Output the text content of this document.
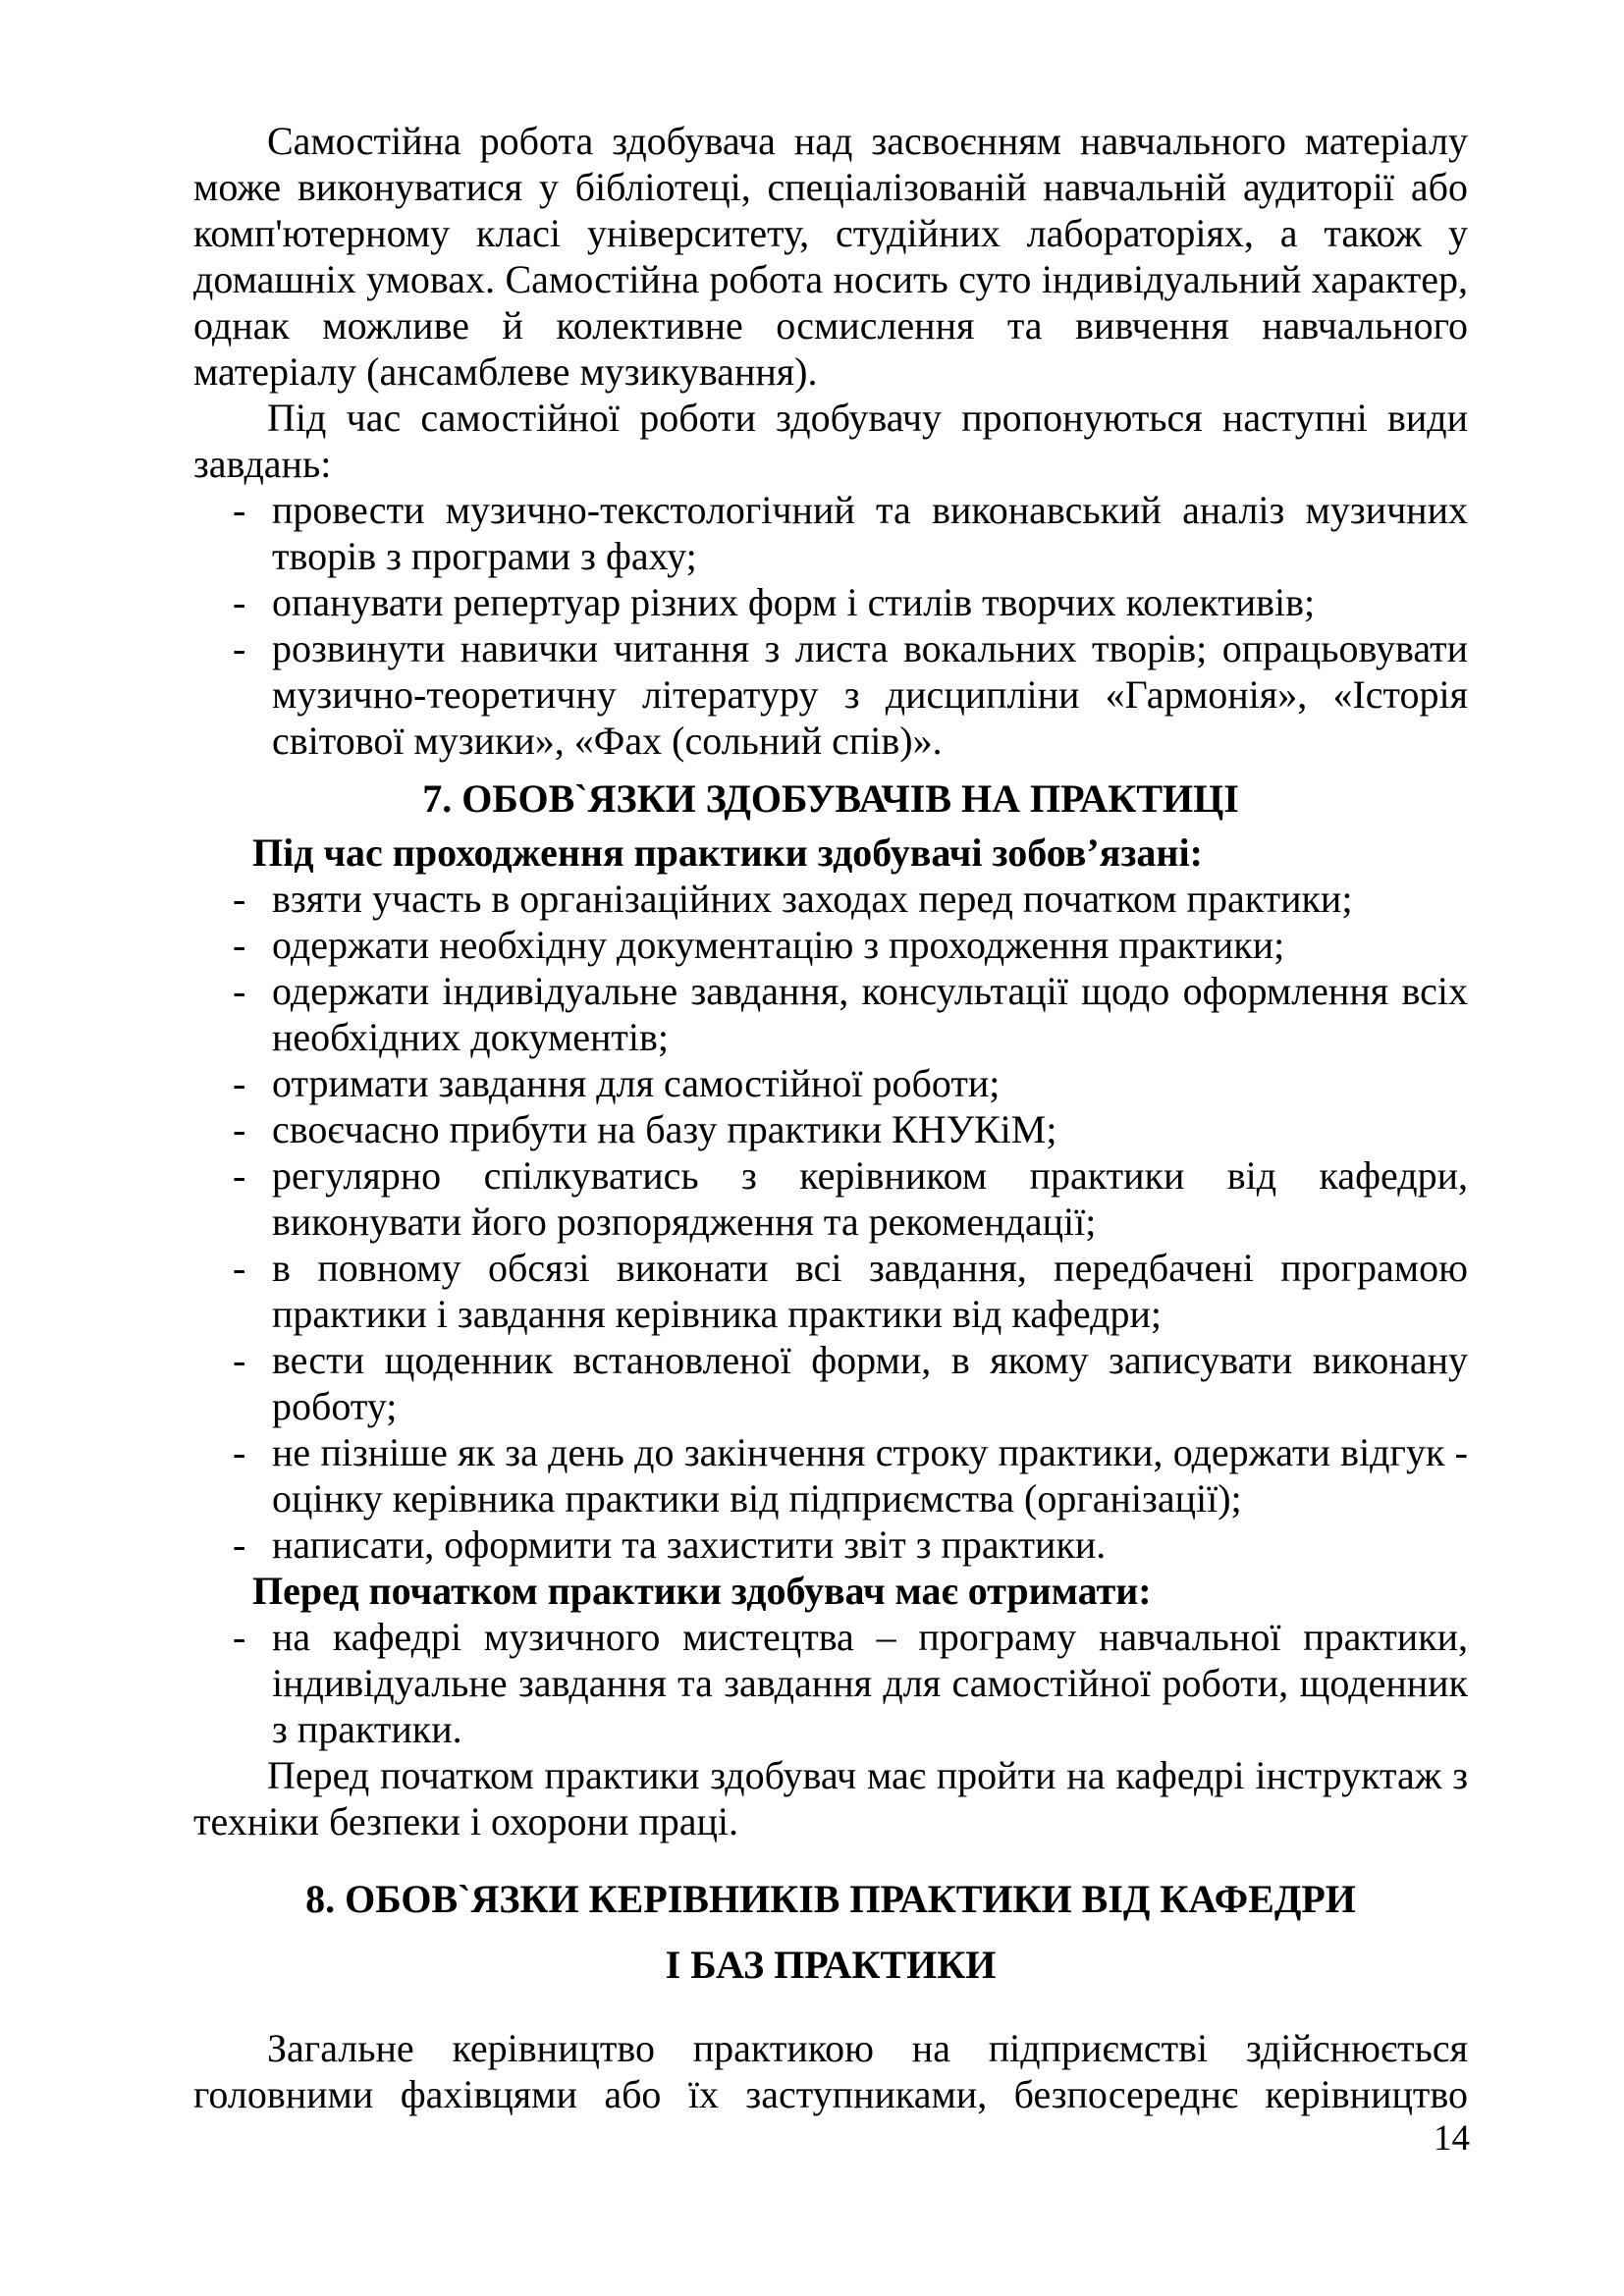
Самостійна робота здобувача над засвоєнням навчального матеріалу може виконуватися у бібліотеці, спеціалізованій навчальній аудиторії або комп'ютерному класі університету, студійних лабораторіях, а також у домашніх умовах. Самостійна робота носить суто індивідуальний характер, однак можливе й колективне осмислення та вивчення навчального матеріалу (ансамблеве музикування).

Під час самостійної роботи здобувачу пропонуються наступні види завдань:

- провести музично-текстологічний та виконавський аналіз музичних творів з програми з фаху;
- опанувати репертуар різних форм і стилів творчих колективів;
- розвинути навички читання з листа вокальних творів; опрацьовувати музично-теоретичну літературу з дисципліни «Гармонія», «Історія світової музики», «Фах (сольний спів)».
7. ОБОВ`ЯЗКИ ЗДОБУВАЧІВ НА ПРАКТИЦІ

Під час проходження практики здобувачі зобов’язані:

- взяти участь в організаційних заходах перед початком практики;
- одержати необхідну документацію з проходження практики;
- одержати індивідуальне завдання, консультації щодо оформлення всіх необхідних документів;
- отримати завдання для самостійної роботи;
- своєчасно прибути на базу практики КНУКіМ;
- регулярно спілкуватись з керівником практики від кафедри, виконувати його розпорядження та рекомендації;
- в повному обсязі виконати всі завдання, передбачені програмою практики і завдання керівника практики від кафедри;
- вести щоденник встановленої форми, в якому записувати виконану роботу;
- не пізніше як за день до закінчення строку практики, одержати відгук - оцінку керівника практики від підприємства (організації);
- написати, оформити та захистити звіт з практики.

Перед початком практики здобувач має отримати:

- на кафедрі музичного мистецтва – програму навчальної практики, індивідуальне завдання та завдання для самостійної роботи, щоденник з практики.

Перед початком практики здобувач має пройти на кафедрі інструктаж з техніки безпеки і охорони праці.

8. ОБОВ`ЯЗКИ КЕРІВНИКІВ ПРАКТИКИ ВІД КАФЕДРИ
І БАЗ ПРАКТИКИ

Загальне керівництво практикою на підприємстві здійснюється головними фахівцями або їх заступниками, безпосереднє керівництво

14
